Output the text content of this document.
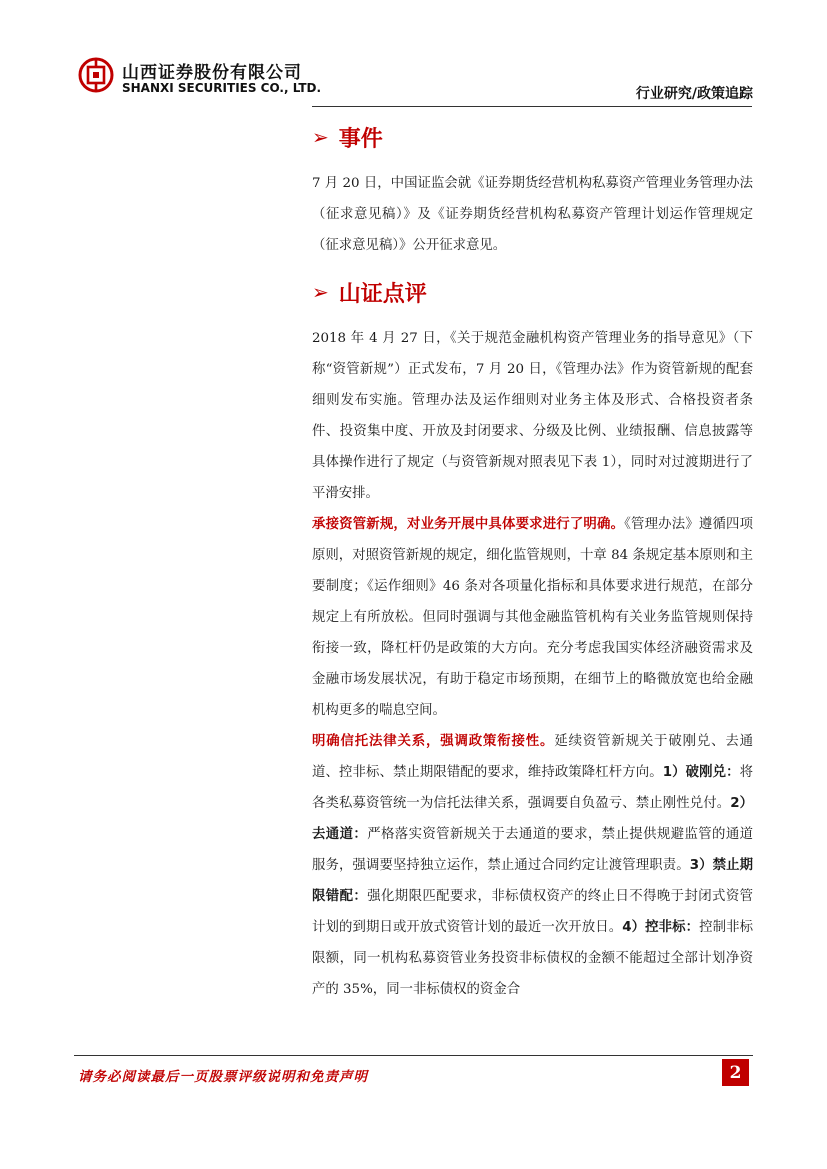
山西证券股份有限公司
SHANXI SECURITIES CO., LTD.	行业研究/政策追踪
➢ 事件

7 月 20 日，中国证监会就《证券期货经营机构私募资产管理业务管理办法（征求意见稿）》及《证券期货经营机构私募资产管理计划运作管理规定（征求意见稿）》公开征求意见。

➢ 山证点评

2018 年 4 月 27 日，《关于规范金融机构资产管理业务的指导意见》（下称“资管新规”）正式发布，7 月 20 日，《管理办法》作为资管新规的配套细则发布实施。管理办法及运作细则对业务主体及形式、合格投资者条件、投资集中度、开放及封闭要求、分级及比例、业绩报酬、信息披露等具体操作进行了规定（与资管新规对照表见下表 1），同时对过渡期进行了平滑安排。

承接资管新规，对业务开展中具体要求进行了明确。《管理办法》遵循四项原则，对照资管新规的规定，细化监管规则，十章 84 条规定基本原则和主要制度；《运作细则》46 条对各项量化指标和具体要求进行规范，在部分规定上有所放松。但同时强调与其他金融监管机构有关业务监管规则保持衔接一致，降杠杆仍是政策的大方向。充分考虑我国实体经济融资需求及金融市场发展状况，有助于稳定市场预期，在细节上的略微放宽也给金融机构更多的喘息空间。

明确信托法律关系，强调政策衔接性。延续资管新规关于破刚兑、去通道、控非标、禁止期限错配的要求，维持政策降杠杆方向。1）破刚兑：将各类私募资管统一为信托法律关系，强调要自负盈亏、禁止刚性兑付。2）去通道：严格落实资管新规关于去通道的要求，禁止提供规避监管的通道服务，强调要坚持独立运作，禁止通过合同约定让渡管理职责。3）禁止期限错配：强化期限匹配要求，非标债权资产的终止日不得晚于封闭式资管计划的到期日或开放式资管计划的最近一次开放日。4）控非标：控制非标限额，同一机构私募资管业务投资非标债权的金额不能超过全部计划净资产的 35%，同一非标债权的资金合

请务必阅读最后一页股票评级说明和免责声明	2
